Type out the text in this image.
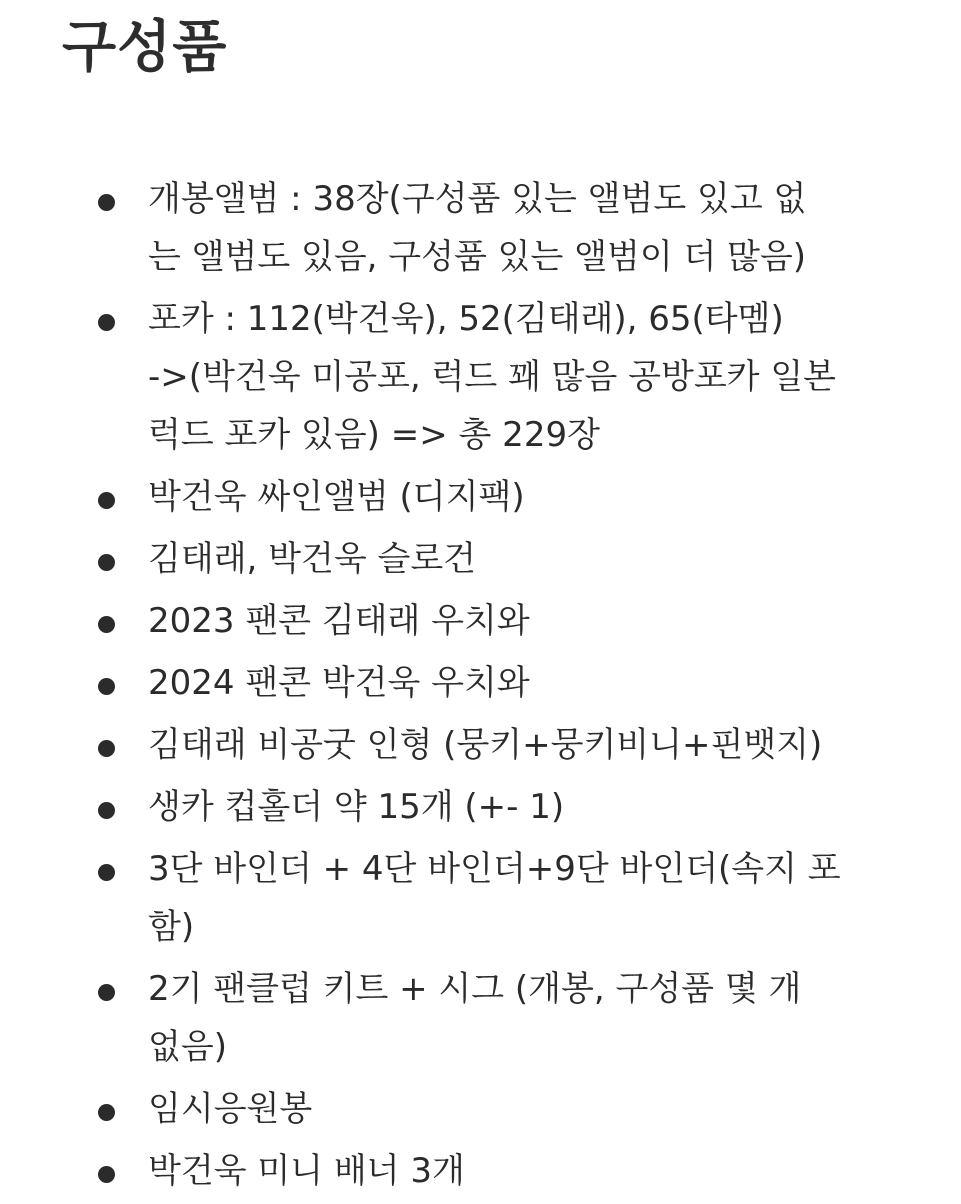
구성품
개봉앨범 : 38장(구성품 있는 앨범도 있고 없
는 앨범도 있음, 구성품 있는 앨범이 더 많음)
포카 : 112(박건욱), 52(김태래), 65(타멤)
->(박건욱 미공포, 럭드 꽤 많음 공방포카 일본
럭드 포카 있음) => 총 229장
박건욱 싸인앨범 (디지팩)
김태래, 박건욱 슬로건
2023 팬콘 김태래 우치와
2024 팬콘 박건욱 우치와
김태래 비공굿 인형 (뭉키+뭉키비니+핀뱃지)
생카 컵홀더 약 15개 (+- 1)
3단 바인더 + 4단 바인더+9단 바인더(속지 포
함)
2기 팬클럽 키트 + 시그 (개봉, 구성품 몇 개
없음)
임시응원봉
박건욱 미니 배너 3개
